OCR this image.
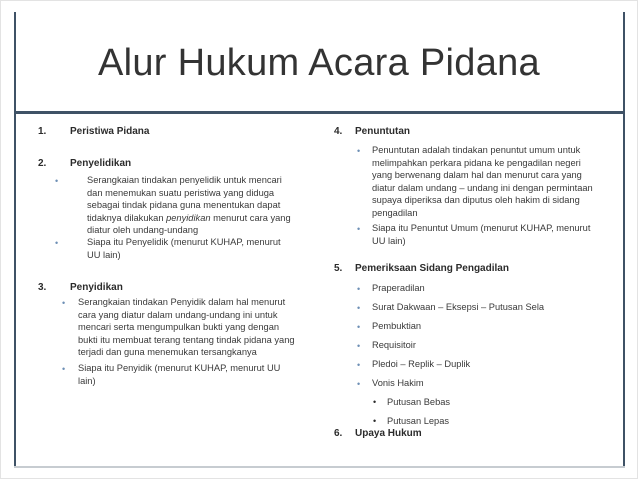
Alur Hukum Acara Pidana
1. Peristiwa Pidana
2. Penyelidikan
•	Serangkaian tindakan penyelidik untuk mencari
dan menemukan suatu peristiwa yang diduga
sebagai tindak pidana guna menentukan dapat
tidaknya dilakukan penyidikan menurut cara yang
diatur oleh undang-undang
•	Siapa itu Penyelidik (menurut KUHAP, menurut
UU lain)
3. Penyidikan
• Serangkaian tindakan Penyidik dalam hal menurut
cara yang diatur dalam undang-undang ini untuk
mencari serta mengumpulkan bukti yang dengan
bukti itu membuat terang tentang tindak pidana yang
terjadi dan guna menemukan tersangkanya
• Siapa itu Penyidik (menurut KUHAP, menurut UU
lain)
4. Penuntutan
• Penuntutan adalah tindakan penuntut umum untuk
melimpahkan perkara pidana ke pengadilan negeri
yang berwenang dalam hal dan menurut cara yang
diatur dalam undang – undang ini dengan permintaan
supaya diperiksa dan diputus oleh hakim di sidang
pengadilan
• Siapa itu Penuntut Umum (menurut KUHAP, menurut
UU lain)
5. Pemeriksaan Sidang Pengadilan
• Praperadilan
• Surat Dakwaan – Eksepsi – Putusan Sela
• Pembuktian
• Requisitoir
• Pledoi – Replik – Duplik
• Vonis Hakim
• Putusan Bebas
• Putusan Lepas
6. Upaya Hukum
